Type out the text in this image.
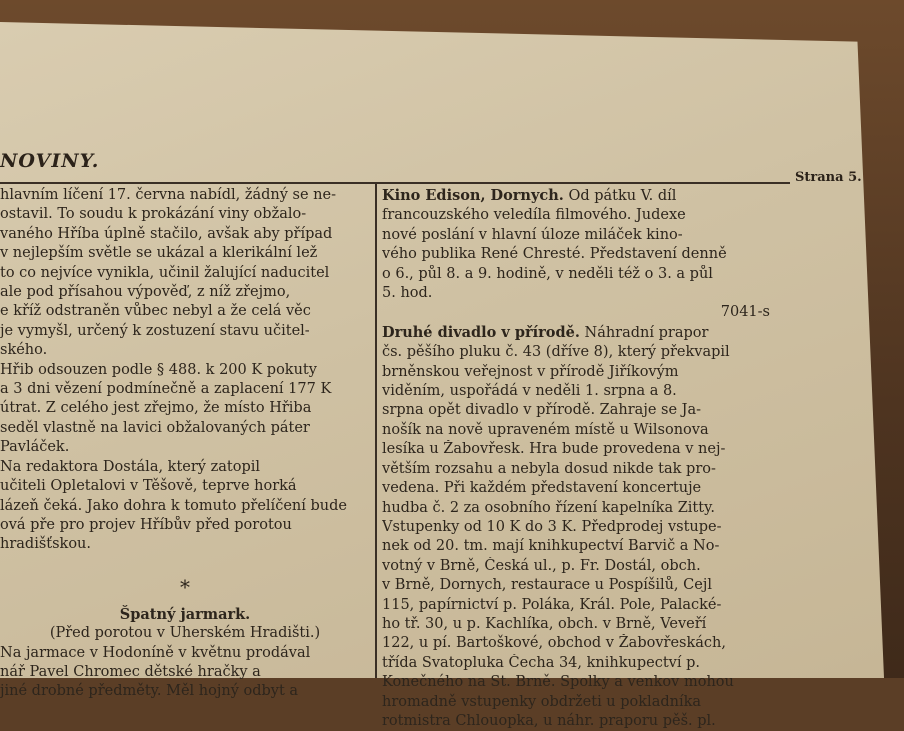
NOVINY.
Strana 5.
hlavním líčení 17. června nabídl, žádný se ne-
ostavil. To soudu k prokázání viny obžalo-
vaného Hříba úplně stačilo, avšak aby případ
v nejlepším světle se ukázal a klerikální lež
to co nejvíce vynikla, učinil žalující naducitel
ale pod přísahou výpověď, z níž zřejmo,
e kříž odstraněn vůbec nebyl a že celá věc
je vymyšl, určený k zostuzení stavu učitel-
ského.
Hřib odsouzen podle § 488. k 200 K pokuty
a 3 dni vězení podmínečně a zaplacení 177 K
útrat. Z celého jest zřejmo, že místo Hřiba
seděl vlastně na lavici obžalovaných páter
Pavláček.
Na redaktora Dostála, který zatopil
učiteli Opletalovi v Těšově, teprve horká
lázeň čeká. Jako dohra k tomuto přelíčení bude
ová pře pro projev Hříbův před porotou
hradišťskou.
*
Špatný jarmark.
(Před porotou v Uherském Hradišti.)
Na jarmace v Hodoníně v květnu prodával
nář Pavel Chromec dětské hračky a
jiné drobné předměty. Měl hojný odbyt a
Kino Edison, Dornych. Od pátku V. díl
francouzského veledíla filmového. Judexe
nové poslání v hlavní úloze miláček kino-
vého publika René Chresté. Představení denně
o 6., půl 8. a 9. hodině, v neděli též o 3. a půl
5. hod.
7041-s
Druhé divadlo v přírodě. Náhradní prapor
čs. pěšího pluku č. 43 (dříve 8), který překvapil
brněnskou veřejnost v přírodě Jiříkovým
viděním, uspořádá v neděli 1. srpna a 8.
srpna opět divadlo v přírodě. Zahraje se Ja-
nošík na nově upraveném místě u Wilsonova
lesíka u Žabovřesk. Hra bude provedena v nej-
větším rozsahu a nebyla dosud nikde tak pro-
vedena. Při každém představení koncertuje
hudba č. 2 za osobního řízení kapelníka Zitty.
Vstupenky od 10 K do 3 K. Předprodej vstupe-
nek od 20. tm. mají knihkupectví Barvič a No-
votný v Brně, Česká ul., p. Fr. Dostál, obch.
v Brně, Dornych, restaurace u Pospíšilů, Cejl
115, papírnictví p. Poláka, Král. Pole, Palacké-
ho tř. 30, u p. Kachlíka, obch. v Brně, Veveří
122, u pí. Bartoškové, obchod v Žabovřeskách,
třída Svatopluka Čecha 34, knihkupectví p.
Konečného na St. Brně. Spolky a venkov mohou
hromadně vstupenky obdržeti u pokladníka
rotmistra Chlouopka, u náhr. praporu pěš. pl.
